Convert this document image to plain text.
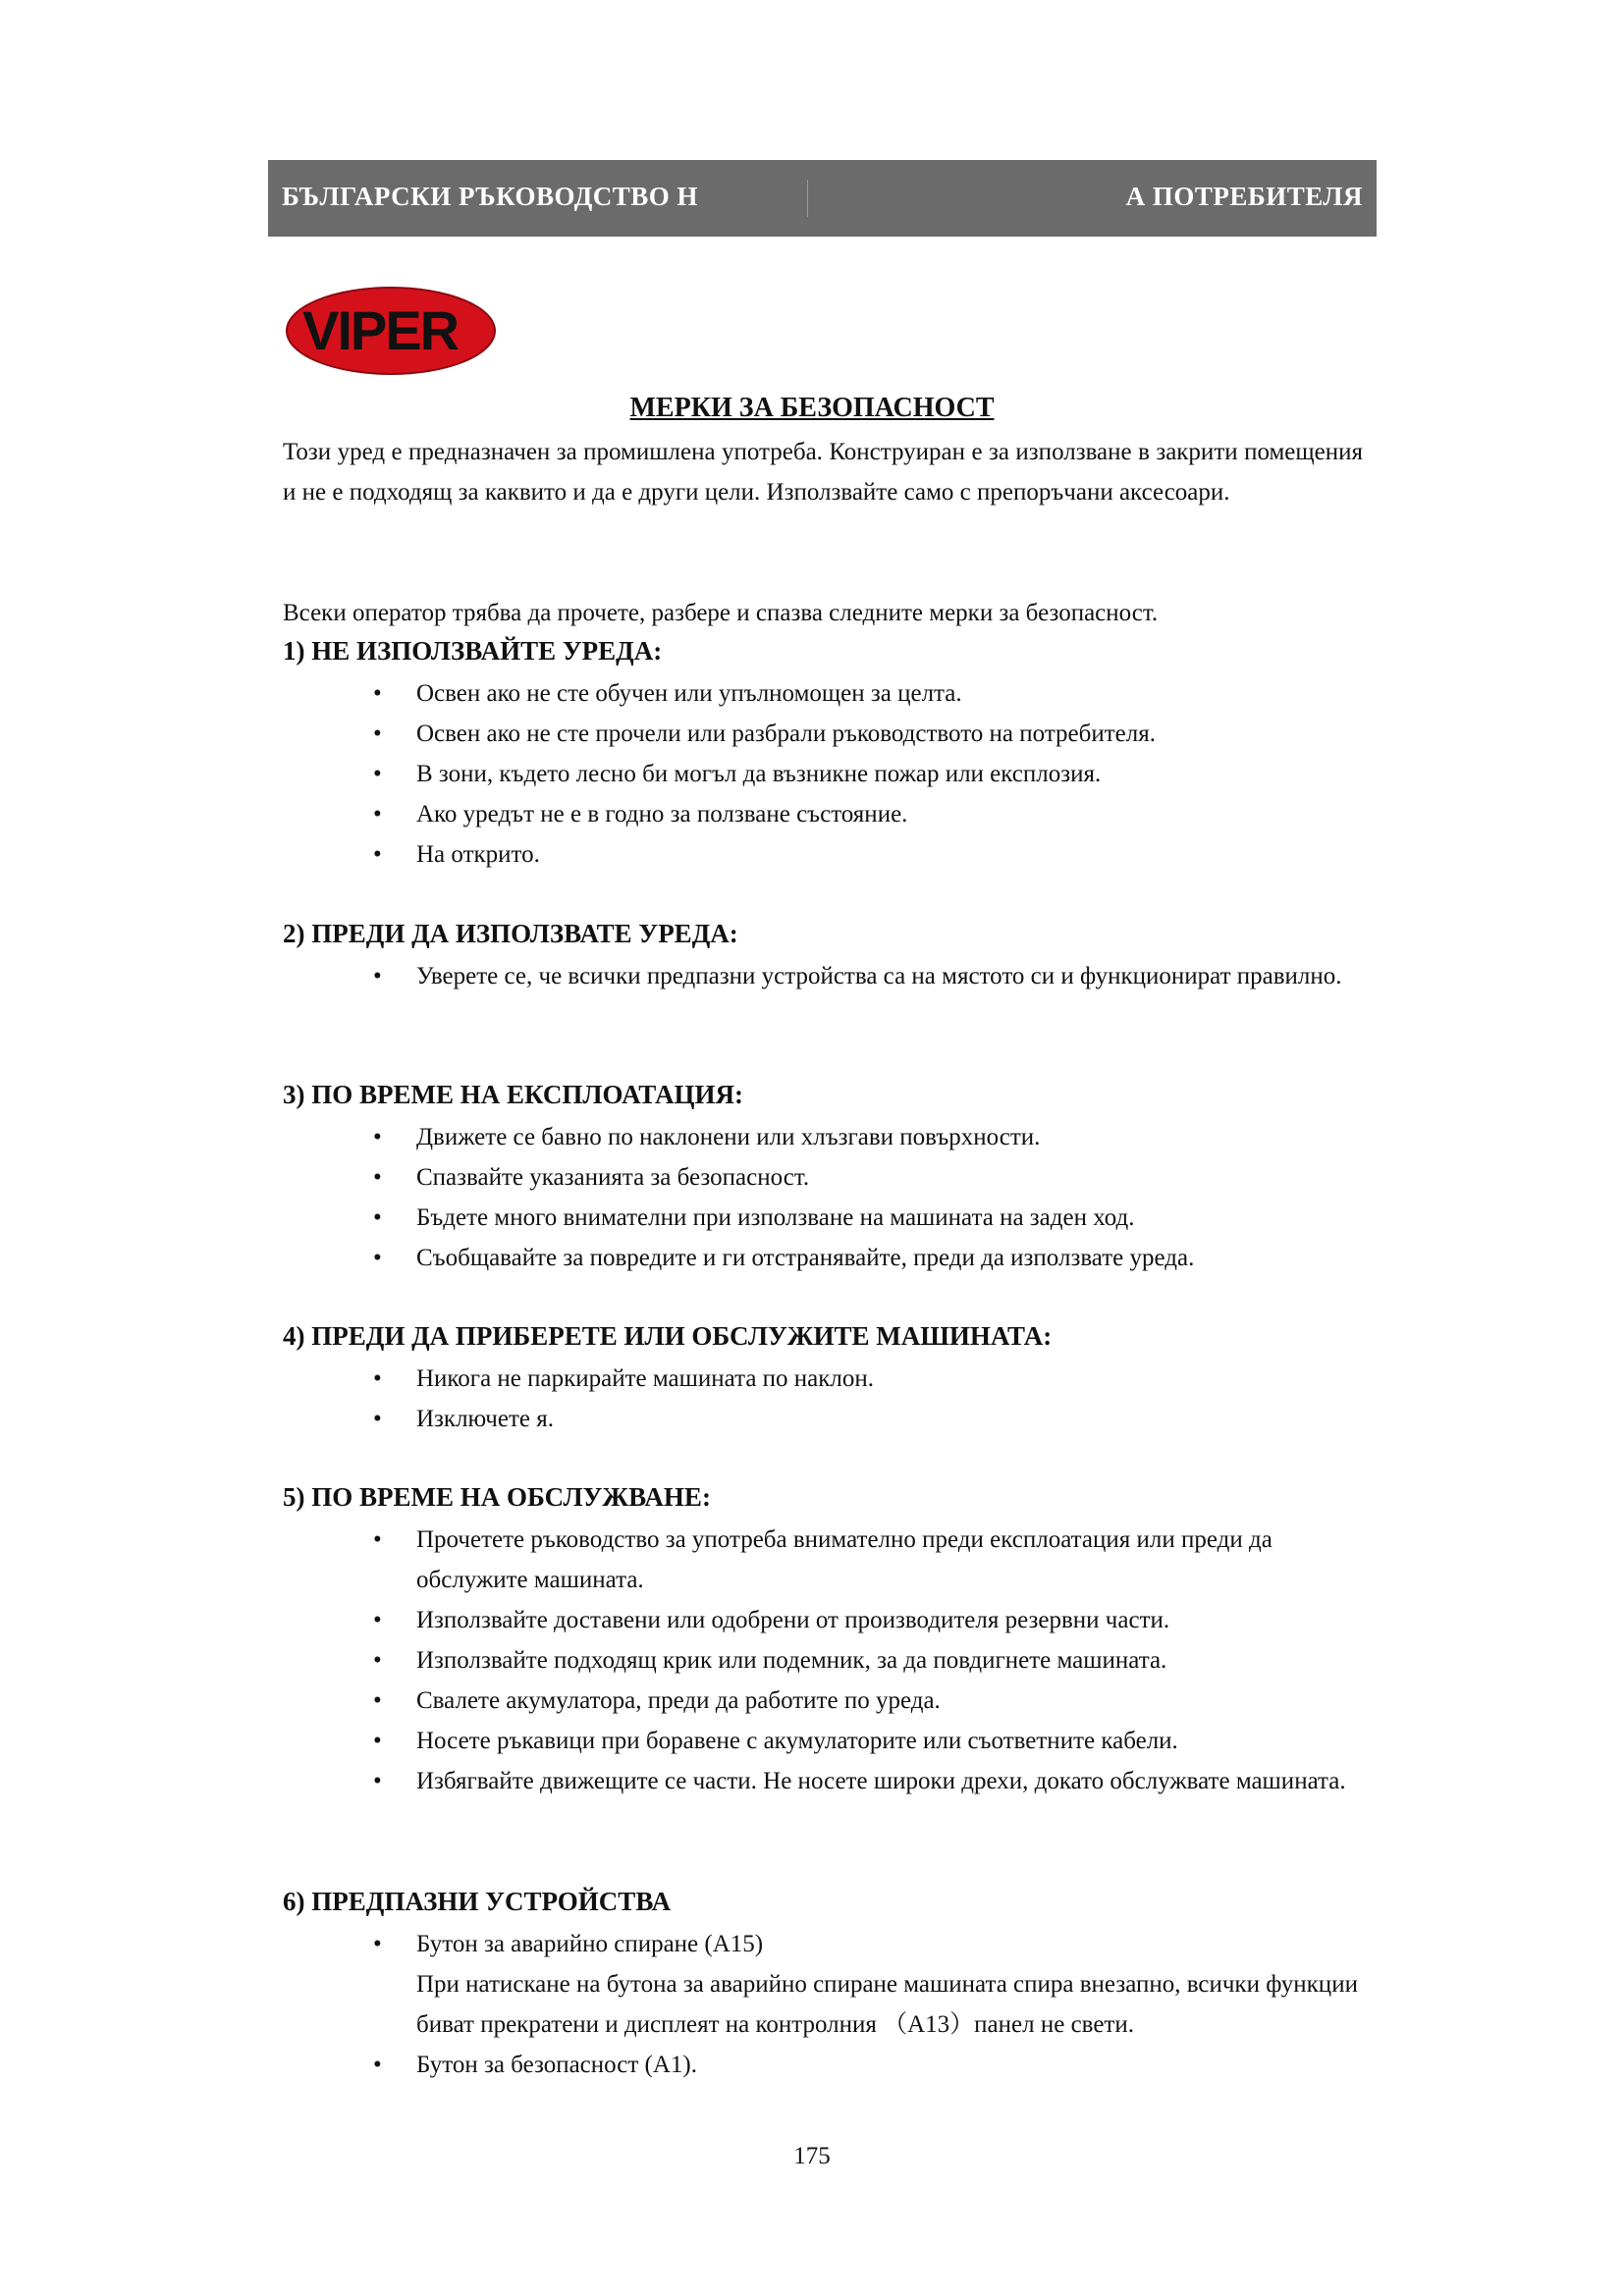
БЪЛГАРСКИ РЪКОВОДСТВО Н	А ПОТРЕБИТЕЛЯ
VIPER
МЕРКИ ЗА БЕЗОПАСНОСТ
Този уред е предназначен за промишлена употреба. Конструиран е за използване в закрити помещения и не е подходящ за каквито и да е други цели. Използвайте само с препоръчани аксесоари.
Всеки оператор трябва да прочете, разбере и спазва следните мерки за безопасност.
1) НЕ ИЗПОЛЗВАЙТЕ УРЕДА:
• Освен ако не сте обучен или упълномощен за целта.
• Освен ако не сте прочели или разбрали ръководството на потребителя.
• В зони, където лесно би могъл да възникне пожар или експлозия.
• Ако уредът не е в годно за ползване състояние.
• На открито.
2) ПРЕДИ ДА ИЗПОЛЗВАТЕ УРЕДА:
• Уверете се, че всички предпазни устройства са на мястото си и функционират правилно.
3) ПО ВРЕМЕ НА ЕКСПЛОАТАЦИЯ:
• Движете се бавно по наклонени или хлъзгави повърхности.
• Спазвайте указанията за безопасност.
• Бъдете много внимателни при използване на машината на заден ход.
• Съобщавайте за повредите и ги отстранявайте, преди да използвате уреда.
4) ПРЕДИ ДА ПРИБЕРЕТЕ ИЛИ ОБСЛУЖИТЕ МАШИНАТА:
• Никога не паркирайте машината по наклон.
• Изключете я.
5) ПО ВРЕМЕ НА ОБСЛУЖВАНЕ:
• Прочетете ръководство за употреба внимателно преди експлоатация или преди да обслужите машината.
• Използвайте доставени или одобрени от производителя резервни части.
• Използвайте подходящ крик или подемник, за да повдигнете машината.
• Свалете акумулатора, преди да работите по уреда.
• Носете ръкавици при боравене с акумулаторите или съответните кабели.
• Избягвайте движещите се части. Не носете широки дрехи, докато обслужвате машината.
6) ПРЕДПАЗНИ УСТРОЙСТВА
• Бутон за аварийно спиране (A15)
При натискане на бутона за аварийно спиране машината спира внезапно, всички функции биват прекратени и дисплеят на контролния （A13）панел не свети.
• Бутон за безопасност (A1).
175
